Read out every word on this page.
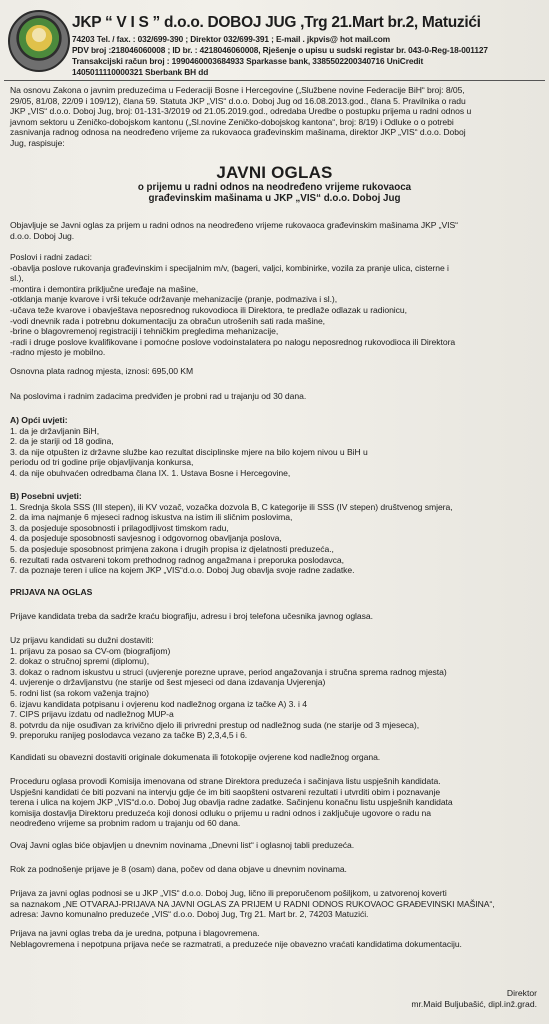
JKP “ V I S ” d.o.o. DOBOJ JUG ,Trg 21.Mart br.2, Matuzići
74203 Tel. / fax. : 032/699-390 ; Direktor 032/699-391 ; E-mail . jkpvis@ hot mail.com
PDV broj :218046060008 ; ID br. : 4218046060008, Rješenje o upisu u sudski registar br. 043-0-Reg-18-001127
Transakcijski račun broj : 1990460003684933 Sparkasse bank, 3385502200340716 UniCredit
1405011110000321 Sberbank BH dd
Na osnovu Zakona o javnim preduzećima u Federaciji Bosne i Hercegovine („Službene novine Federacije BiH“ broj: 8/05,
29/05, 81/08, 22/09 i 109/12), člana 59. Statuta JKP „VIS“ d.o.o. Doboj Jug od 16.08.2013.god., člana 5. Pravilnika o radu
JKP „VIS“ d.o.o. Doboj Jug, broj: 01-131-3/2019 od 21.05.2019.god., odredaba Uredbe o postupku prijema u radni odnos u
javnom sektoru u Zeničko-dobojskom kantonu („Sl.novine Zeničko-dobojskog kantona“, broj: 8/19) i Odluke o o potrebi
zasnivanja radnog odnosa na neodređeno vrijeme za rukovaoca građevinskim mašinama, direktor JKP „VIS“ d.o.o. Doboj
Jug, raspisuje:
JAVNI OGLAS
o prijemu u radni odnos na neodređeno vrijeme rukovaoca
građevinskim mašinama u JKP „VIS“ d.o.o. Doboj Jug
Objavljuje se Javni oglas za prijem u radni odnos na neodređeno vrijeme rukovaoca građevinskim mašinama JKP „VIS“
d.o.o. Doboj Jug.
Poslovi i radni zadaci:
-obavlja poslove rukovanja građevinskim i specijalnim m/v, (bageri, valjci, kombinirke, vozila za pranje ulica, cisterne i
sl.),
-montira i demontira priključne uređaje na mašine,
-otklanja manje kvarove i vrši tekuće održavanje mehanizacije (pranje, podmaziva i sl.),
-učava teže kvarove i obavještava neposrednog rukovodioca ili Direktora, te predlaže odlazak u radionicu,
-vodi dnevnik rada i potrebnu dokumentaciju za obračun utrošenih sati rada mašine,
-brine o blagovremenoj registraciji i tehničkim pregledima mehanizacije,
-radi i druge poslove kvalifikovane i pomoćne poslove vodoinstalatera po nalogu neposrednog rukovodioca ili Direktora
-radno mjesto je mobilno.
Osnovna plata radnog mjesta, iznosi: 695,00 KM
Na poslovima i radnim zadacima predviđen je probni rad u trajanju od 30 dana.
A) Opći uvjeti:
1. da je državljanin BiH,
2. da je stariji od 18 godina,
3. da nije otpušten iz državne službe kao rezultat disciplinske mjere na bilo kojem nivou u BiH u
periodu od tri godine prije objavljivanja konkursa,
4. da nije obuhvaćen odredbama člana IX. 1. Ustava Bosne i Hercegovine,
B) Posebni uvjeti:
1. Srednja škola SSS (III stepen), ili KV vozač, vozačka dozvola B, C kategorije ili SSS (IV stepen) društvenog smjera,
2. da ima najmanje 6 mjeseci radnog iskustva na istim ili sličnim poslovima,
3. da posjeduje sposobnosti i prilagodljivost timskom radu,
4. da posjeduje sposobnosti savjesnog i odgovornog obavljanja poslova,
5. da posjeduje sposobnost primjena zakona i drugih propisa iz djelatnosti preduzeća.,
6. rezultati rada ostvareni tokom prethodnog radnog angažmana i preporuka poslodavca,
7. da poznaje teren i ulice na kojem JKP „VIS“d.o.o. Doboj Jug obavlja svoje radne zadatke.
PRIJAVA NA OGLAS
Prijave kandidata treba da sadrže kraću biografiju, adresu i broj telefona učesnika javnog oglasa.
Uz prijavu kandidati su dužni dostaviti:
1. prijavu za posao sa CV-om (biografijom)
2. dokaz o stručnoj spremi (diplomu),
3. dokaz o radnom iskustvu u struci (uvjerenje porezne uprave, period angažovanja i stručna sprema radnog mjesta)
4. uvjerenje o državljanstvu (ne starije od šest mjeseci od dana izdavanja Uvjerenja)
5. rodni list (sa rokom važenja trajno)
6. izjavu kandidata potpisanu i ovjerenu kod nadležnog organa iz tačke A) 3. i 4
7. CIPS prijavu izdatu od nadležnog MUP-a
8. potvrdu da nije osuđivan za krivično djelo ili privredni prestup od nadležnog suda (ne starije od 3 mjeseca),
9. preporuku ranijeg poslodavca vezano za tačke B) 2,3,4,5 i 6.
Kandidati su obavezni dostaviti originale dokumenata ili fotokopije ovjerene kod nadležnog organa.
Proceduru oglasa provodi Komisija imenovana od strane Direktora preduzeća i sačinjava listu uspješnih kandidata.
Uspješni kandidati će biti pozvani na intervju gdje će im biti saopšteni ostvareni rezultati i utvrditi obim i poznavanje
terena i ulica na kojem JKP „VIS“d.o.o. Doboj Jug obavlja radne zadatke. Sačinjenu konačnu listu uspješnih kandidata
komisija dostavlja Direktoru preduzeća koji donosi odluku o prijemu u radni odnos i zaključuje ugovore o radu na
neodređeno vrijeme sa probnim radom u trajanju od 60 dana.
Ovaj Javni oglas biće objavljen u dnevnim novinama „Dnevni list“ i oglasnoj tabli preduzeća.
Rok za podnošenje prijave je 8 (osam) dana, počev od dana objave u dnevnim novinama.
Prijava za javni oglas podnosi se u JKP „VIS“ d.o.o. Doboj Jug, lično ili preporučenom pošiljkom, u zatvorenoj koverti
sa naznakom „NE OTVARAJ-PRIJAVA NA JAVNI OGLAS ZA PRIJEM U RADNI ODNOS RUKOVAOC GRAĐEVINSKI MAŠINA“,
adresa: Javno komunalno preduzeće „VIS“ d.o.o. Doboj Jug, Trg 21. Mart br. 2, 74203 Matuzići.
Prijava na javni oglas treba da je uredna, potpuna i blagovremena.
Neblagovremena i nepotpuna prijava neće se razmatrati, a preduzeće nije obavezno vraćati kandidatima dokumentaciju.
Direktor
mr.Maid Buljubašić, dipl.inž.grad.
